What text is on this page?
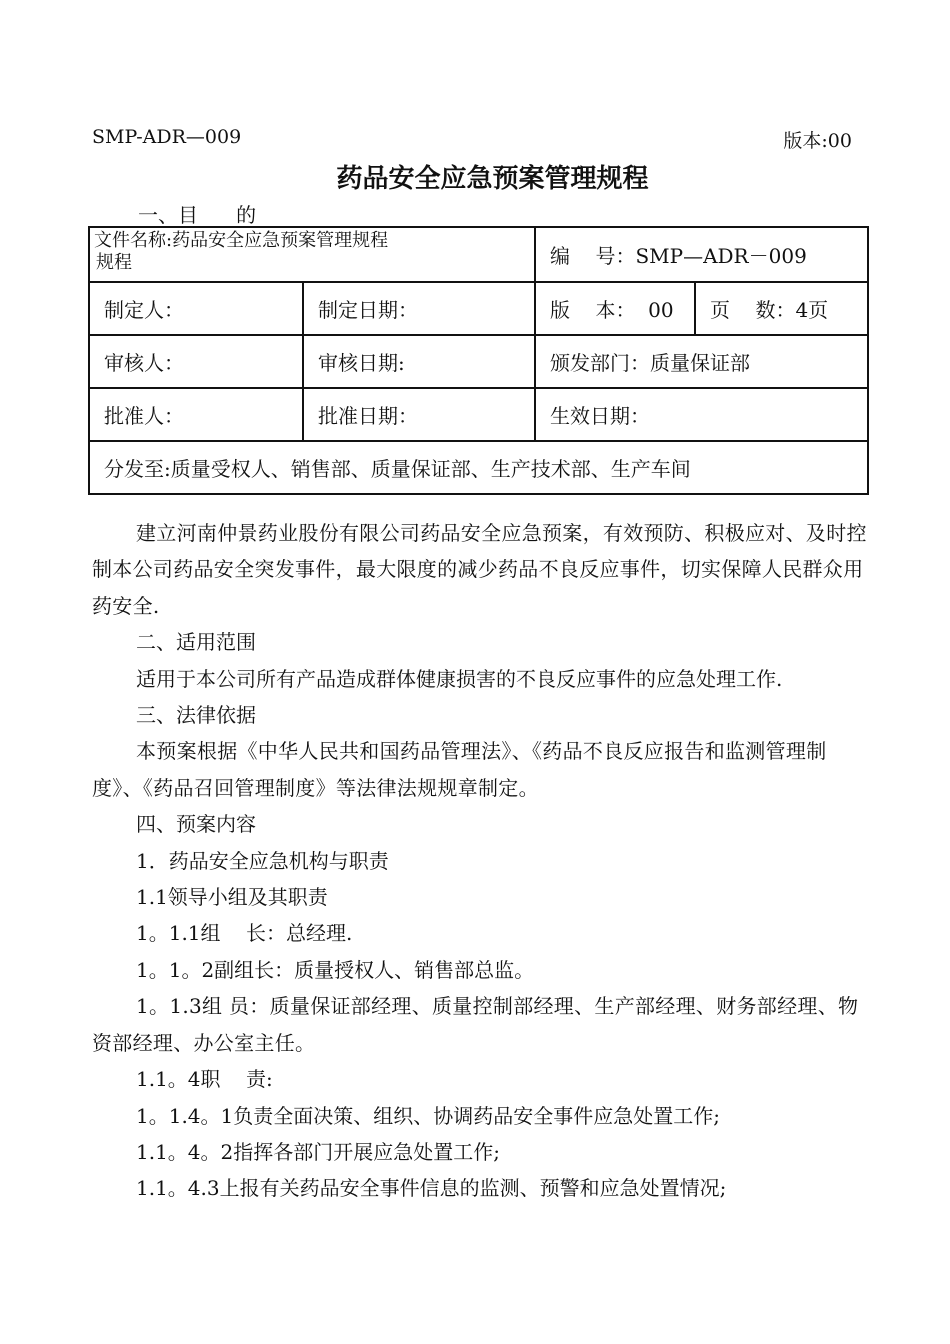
SMP-ADR—009	版本:00
药品安全应急预案管理规程
一、目      的
文件名称:药品安全应急预案管理规程
规程		编    号：SMP—ADR－009	
制定人：	制定日期：	版    本：  00	页    数：4页
审核人：	审核日期:	颁发部门：质量保证部	
批准人：	批准日期：	生效日期：	
分发至:质量受权人、销售部、质量保证部、生产技术部、生产车间			

建立河南仲景药业股份有限公司药品安全应急预案，有效预防、积极应对、及时控制本公司药品安全突发事件，最大限度的减少药品不良反应事件，切实保障人民群众用药安全.

二、适用范围

适用于本公司所有产品造成群体健康损害的不良反应事件的应急处理工作.

三、法律依据

本预案根据《中华人民共和国药品管理法》、《药品不良反应报告和监测管理制度》、《药品召回管理制度》等法律法规规章制定。

四、预案内容

1．药品安全应急机构与职责

1.1领导小组及其职责

1。1.1组    长：总经理.

1。1。2副组长：质量授权人、销售部总监。

1。1.3组 员：质量保证部经理、质量控制部经理、生产部经理、财务部经理、物资部经理、办公室主任。

1.1。4职    责:

1。1.4。1负责全面决策、组织、协调药品安全事件应急处置工作;

1.1。4。2指挥各部门开展应急处置工作;

1.1。4.3上报有关药品安全事件信息的监测、预警和应急处置情况;
